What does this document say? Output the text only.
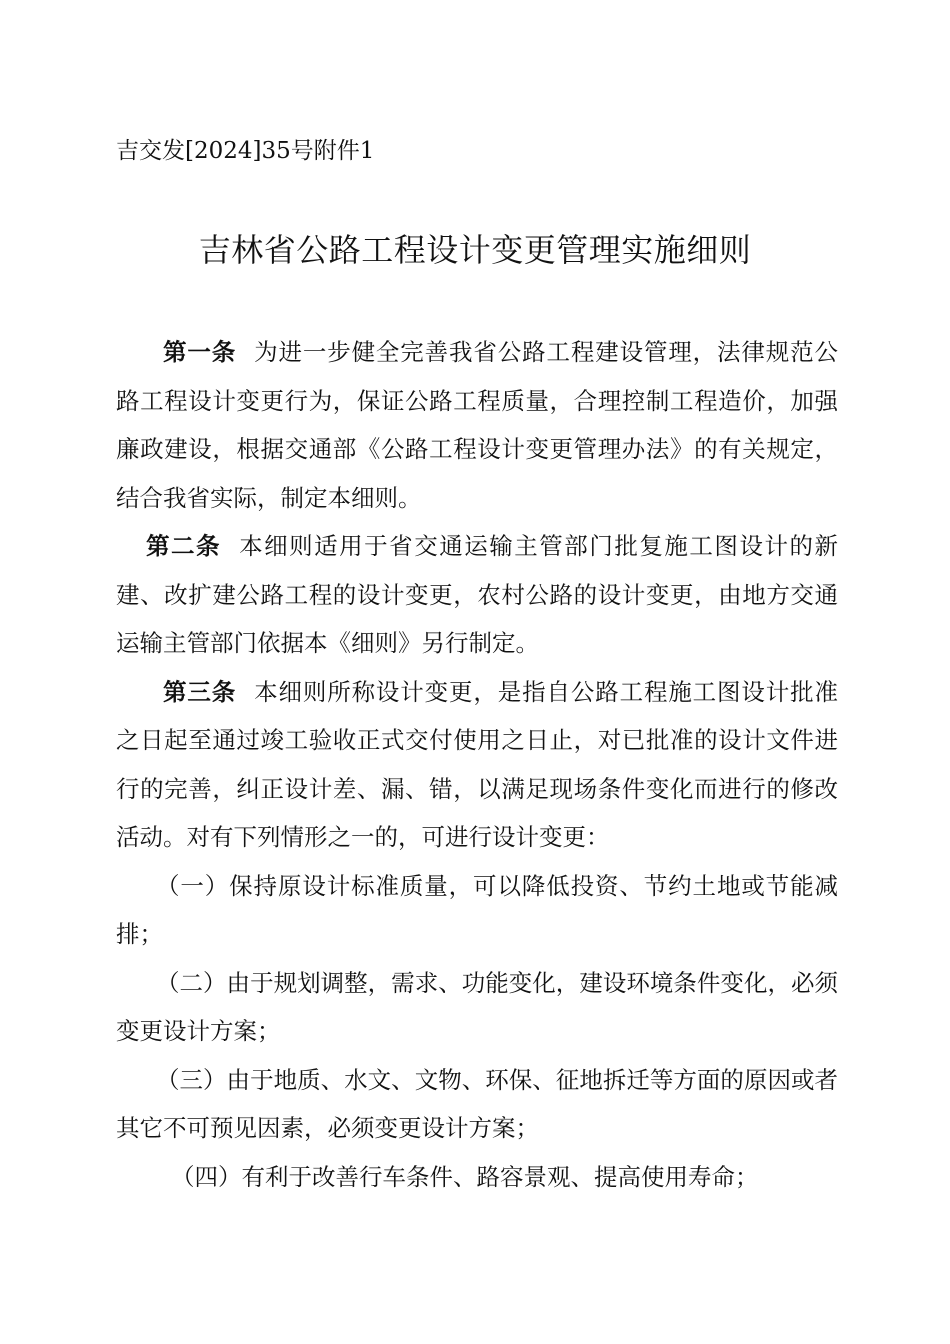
吉交发[2024]35号附件1
吉林省公路工程设计变更管理实施细则

第一条 为进一步健全完善我省公路工程建设管理，法律规范公路工程设计变更行为，保证公路工程质量，合理控制工程造价，加强廉政建设，根据交通部《公路工程设计变更管理办法》的有关规定，结合我省实际，制定本细则。

第二条 本细则适用于省交通运输主管部门批复施工图设计的新建、改扩建公路工程的设计变更，农村公路的设计变更，由地方交通运输主管部门依据本《细则》另行制定。

第三条 本细则所称设计变更，是指自公路工程施工图设计批准之日起至通过竣工验收正式交付使用之日止，对已批准的设计文件进行的完善，纠正设计差、漏、错，以满足现场条件变化而进行的修改活动。对有下列情形之一的，可进行设计变更：

（一）保持原设计标准质量，可以降低投资、节约土地或节能减排；

（二）由于规划调整，需求、功能变化，建设环境条件变化，必须变更设计方案；

（三）由于地质、水文、文物、环保、征地拆迁等方面的原因或者其它不可预见因素，必须变更设计方案；

（四）有利于改善行车条件、路容景观、提高使用寿命；
